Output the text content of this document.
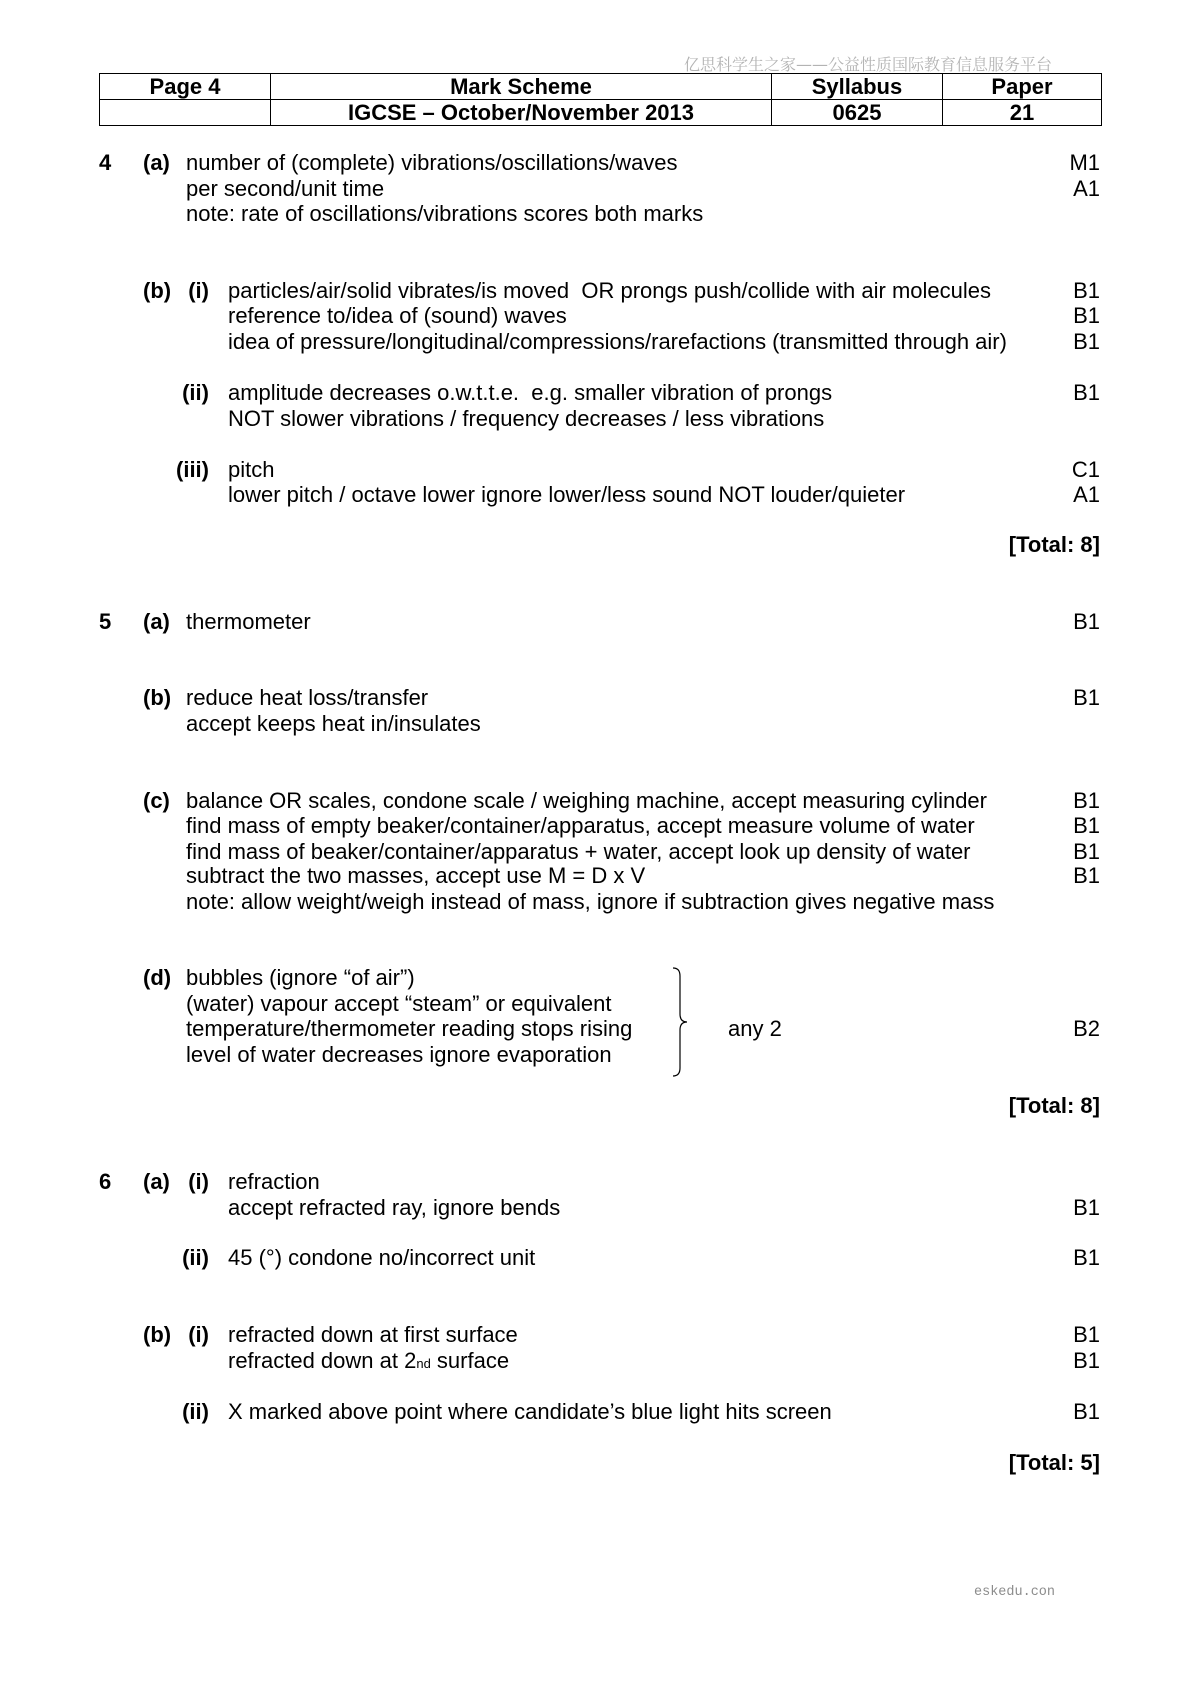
亿思科学生之家——公益性质国际教育信息服务平台
Page 4	Mark Scheme	Syllabus	Paper
	IGCSE – October/November 2013	0625	21
4 (a) number of (complete) vibrations/oscillations/waves	M1
per second/unit time	A1
note: rate of oscillations/vibrations scores both marks
(b) (i) particles/air/solid vibrates/is moved  OR prongs push/collide with air molecules	B1
reference to/idea of (sound) waves	B1
idea of pressure/longitudinal/compressions/rarefactions (transmitted through air)	B1
(ii) amplitude decreases o.w.t.t.e.  e.g. smaller vibration of prongs	B1
NOT slower vibrations / frequency decreases / less vibrations
(iii) pitch	C1
lower pitch / octave lower ignore lower/less sound NOT louder/quieter	A1
[Total: 8]
5 (a) thermometer	B1
(b) reduce heat loss/transfer	B1
accept keeps heat in/insulates
(c) balance OR scales, condone scale / weighing machine, accept measuring cylinder	B1
find mass of empty beaker/container/apparatus, accept measure volume of water	B1
find mass of beaker/container/apparatus + water, accept look up density of water	B1
subtract the two masses, accept use M = D x V	B1
note: allow weight/weigh instead of mass, ignore if subtraction gives negative mass
(d) bubbles (ignore “of air”)
(water) vapour accept “steam” or equivalent
temperature/thermometer reading stops rising	any 2	B2
level of water decreases ignore evaporation
[Total: 8]
6 (a) (i) refraction
accept refracted ray, ignore bends	B1
(ii) 45 (°) condone no/incorrect unit	B1
(b) (i) refracted down at first surface	B1
refracted down at 2nd surface	B1
(ii) X marked above point where candidate’s blue light hits screen	B1
[Total: 5]
eskedu.con
